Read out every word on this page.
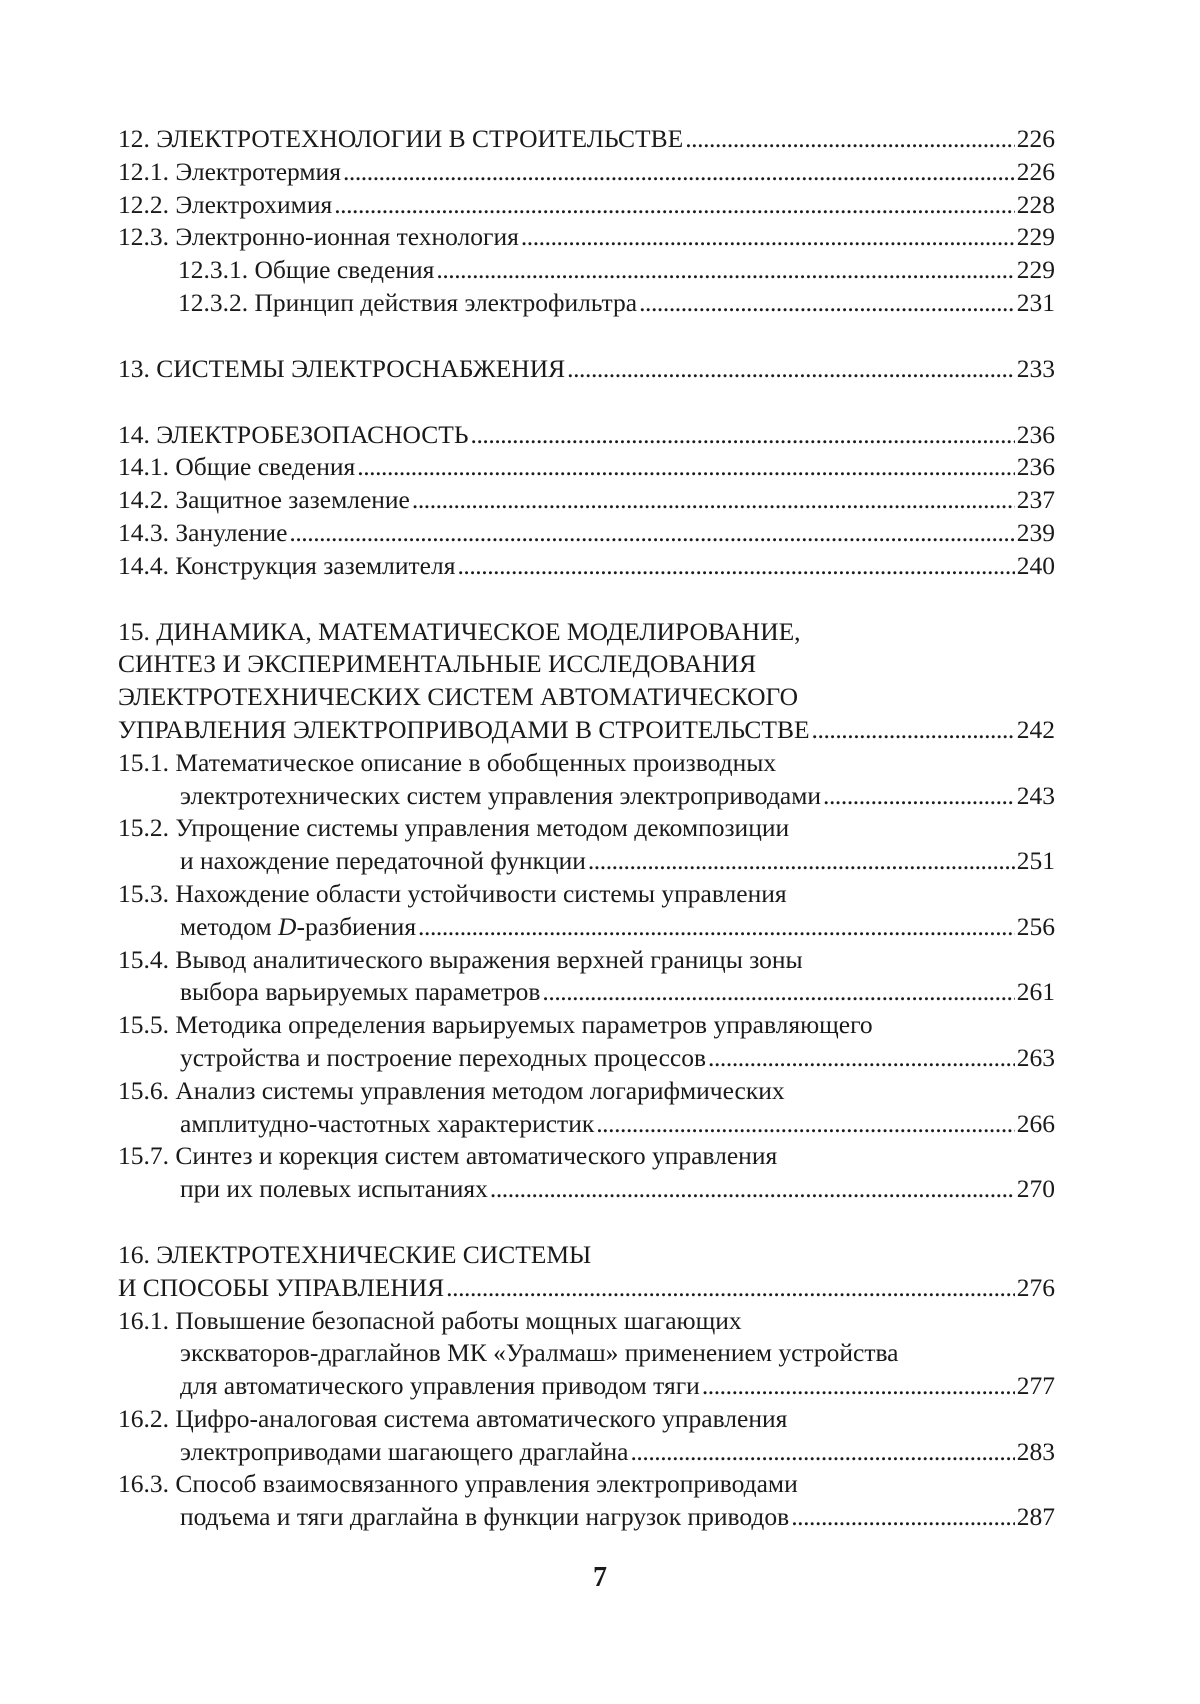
12. ЭЛЕКТРОТЕХНОЛОГИИ В СТРОИТЕЛЬСТВЕ . . .	226
12.1. Электротермия . . .	226
12.2. Электрохимия . . .	228
12.3. Электронно-ионная технология . . .	229
12.3.1. Общие сведения . . .	229
12.3.2. Принцип действия электрофильтра . . .	231
13. СИСТЕМЫ ЭЛЕКТРОСНАБЖЕНИЯ . . .	233
14. ЭЛЕКТРОБЕЗОПАСНОСТЬ . . .	236
14.1. Общие сведения . . .	236
14.2. Защитное заземление . . .	237
14.3. Зануление . . .	239
14.4. Конструкция заземлителя . . .	240
15. ДИНАМИКА, МАТЕМАТИЧЕСКОЕ МОДЕЛИРОВАНИЕ,
СИНТЕЗ И ЭКСПЕРИМЕНТАЛЬНЫЕ ИССЛЕДОВАНИЯ
ЭЛЕКТРОТЕХНИЧЕСКИХ СИСТЕМ АВТОМАТИЧЕСКОГО
УПРАВЛЕНИЯ ЭЛЕКТРОПРИВОДАМИ В СТРОИТЕЛЬСТВЕ . . .	242
15.1. Математическое описание в обобщенных производных
электротехнических систем управления электроприводами . . .	243
15.2. Упрощение системы управления методом декомпозиции
и нахождение передаточной функции . . .	251
15.3. Нахождение области устойчивости системы управления
методом D-разбиения . . .	256
15.4. Вывод аналитического выражения верхней границы зоны
выбора варьируемых параметров . . .	261
15.5. Методика определения варьируемых параметров управляющего
устройства и построение переходных процессов . . .	263
15.6. Анализ системы управления методом логарифмических
амплитудно-частотных характеристик . . .	266
15.7. Синтез и корекция систем автоматического управления
при их полевых испытаниях . . .	270
16. ЭЛЕКТРОТЕХНИЧЕСКИЕ СИСТЕМЫ
И СПОСОБЫ УПРАВЛЕНИЯ . . .	276
16.1. Повышение безопасной работы мощных шагающих
экскваторов-драглайнов МК «Уралмаш» применением устройства
для автоматического управления приводом тяги . . .	277
16.2. Цифро-аналоговая система автоматического управления
электроприводами шагающего драглайна . . .	283
16.3. Способ взаимосвязанного управления электроприводами
подъема и тяги драглайна в функции нагрузок приводов . . .	287
7
